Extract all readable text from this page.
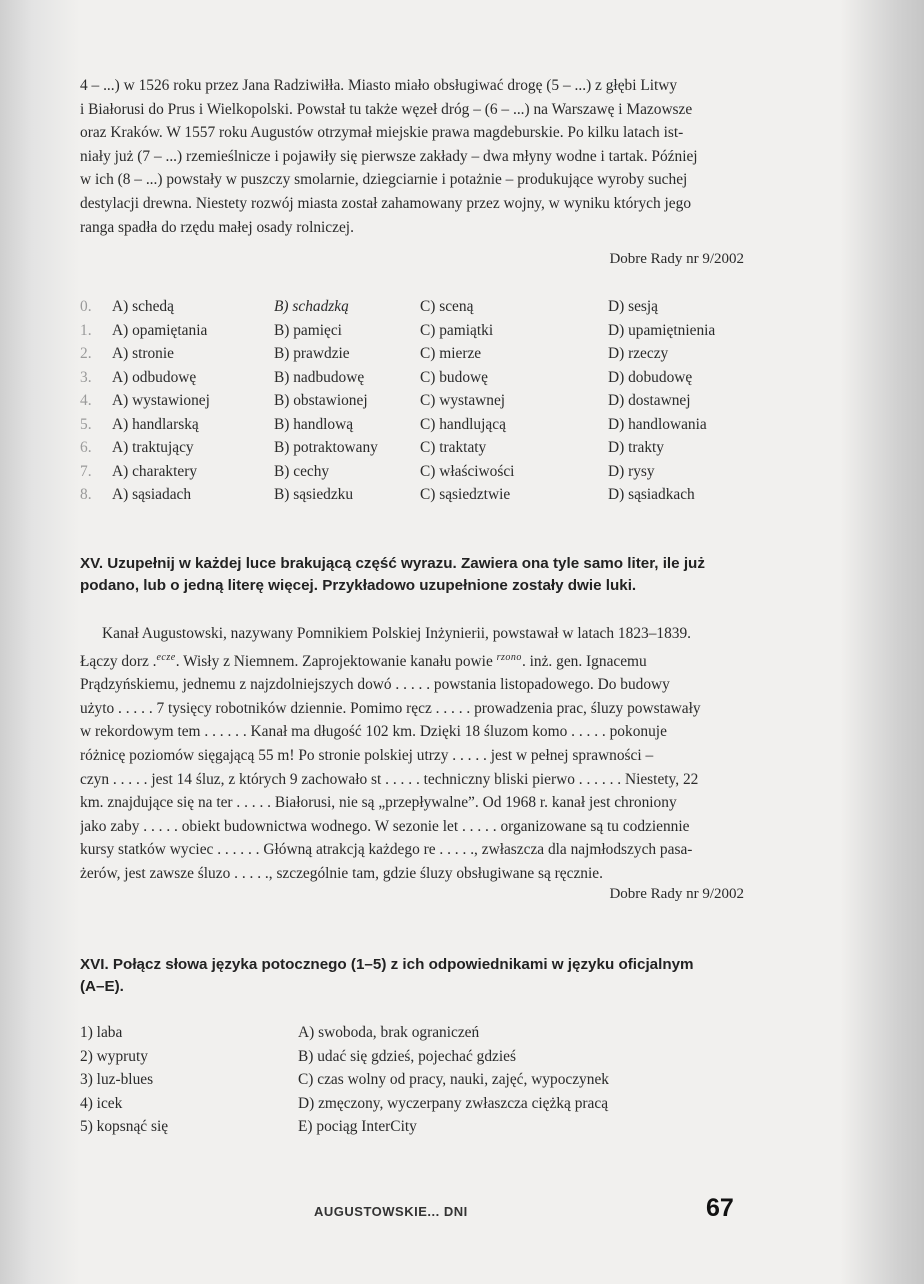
4 – ...) w 1526 roku przez Jana Radziwiłła. Miasto miało obsługiwać drogę (5 – ...) z głębi Litwy
i Białorusi do Prus i Wielkopolski. Powstał tu także węzeł dróg – (6 – ...) na Warszawę i Mazowsze
oraz Kraków. W 1557 roku Augustów otrzymał miejskie prawa magdeburskie. Po kilku latach ist-
niały już (7 – ...) rzemieślnicze i pojawiły się pierwsze zakłady – dwa młyny wodne i tartak. Później
w ich (8 – ...) powstały w puszczy smolarnie, dziegciarnie i potażnie – produkujące wyroby suchej
destylacji drewna. Niestety rozwój miasta został zahamowany przez wojny, w wyniku których jego
ranga spadła do rzędu małej osady rolniczej.

Dobre Rady nr 9/2002

0. A) schedą	B) schadzką	C) sceną	D) sesją
1. A) opamiętania	B) pamięci	C) pamiątki	D) upamiętnienia
2. A) stronie	B) prawdzie	C) mierze	D) rzeczy
3. A) odbudowę	B) nadbudowę	C) budowę	D) dobudowę
4. A) wystawionej	B) obstawionej	C) wystawnej	D) dostawnej
5. A) handlarską	B) handlową	C) handlującą	D) handlowania
6. A) traktujący	B) potraktowany	C) traktaty	D) trakty
7. A) charaktery	B) cechy	C) właściwości	D) rysy
8. A) sąsiadach	B) sąsiedzku	C) sąsiedztwie	D) sąsiadkach

XV. Uzupełnij w każdej luce brakującą część wyrazu. Zawiera ona tyle samo liter, ile już

podano, lub o jedną literę więcej. Przykładowo uzupełnione zostały dwie luki.

Kanał Augustowski, nazywany Pomnikiem Polskiej Inżynierii, powstawał w latach 1823–1839.
Łączy dorz .$^{ecze}$. Wisły z Niemnem. Zaprojektowanie kanału powie $^{rzono}$. inż. gen. Ignacemu
Prądzyńskiemu, jednemu z najzdolniejszych dowó . . . . . powstania listopadowego. Do budowy
użyto . . . . . 7 tysięcy robotników dziennie. Pomimo ręcz . . . . . prowadzenia prac, śluzy powstawały
w rekordowym tem . . . . . . Kanał ma długość 102 km. Dzięki 18 śluzom komo . . . . . pokonuje
różnicę poziomów sięgającą 55 m! Po stronie polskiej utrzy . . . . . jest w pełnej sprawności –
czyn . . . . . jest 14 śluz, z których 9 zachowało st . . . . . techniczny bliski pierwo . . . . . . Niestety, 22
km. znajdujące się na ter . . . . . Białorusi, nie są „przepływalne”. Od 1968 r. kanał jest chroniony
jako zaby . . . . . obiekt budownictwa wodnego. W sezonie let . . . . . organizowane są tu codziennie
kursy statków wyciec . . . . . . Główną atrakcją każdego re . . . . ., zwłaszcza dla najmłodszych pasa-
żerów, jest zawsze śluzo . . . . ., szczególnie tam, gdzie śluzy obsługiwane są ręcznie.

Dobre Rady nr 9/2002

XVI. Połącz słowa języka potocznego (1–5) z ich odpowiednikami w języku oficjalnym

(A–E).

1) laba	A) swoboda, brak ograniczeń
2) wypruty	B) udać się gdzieś, pojechać gdzieś
3) luz-blues	C) czas wolny od pracy, nauki, zajęć, wypoczynek
4) icek	D) zmęczony, wyczerpany zwłaszcza ciężką pracą
5) kopsnąć się	E) pociąg InterCity
AUGUSTOWSKIE... DNI	67
